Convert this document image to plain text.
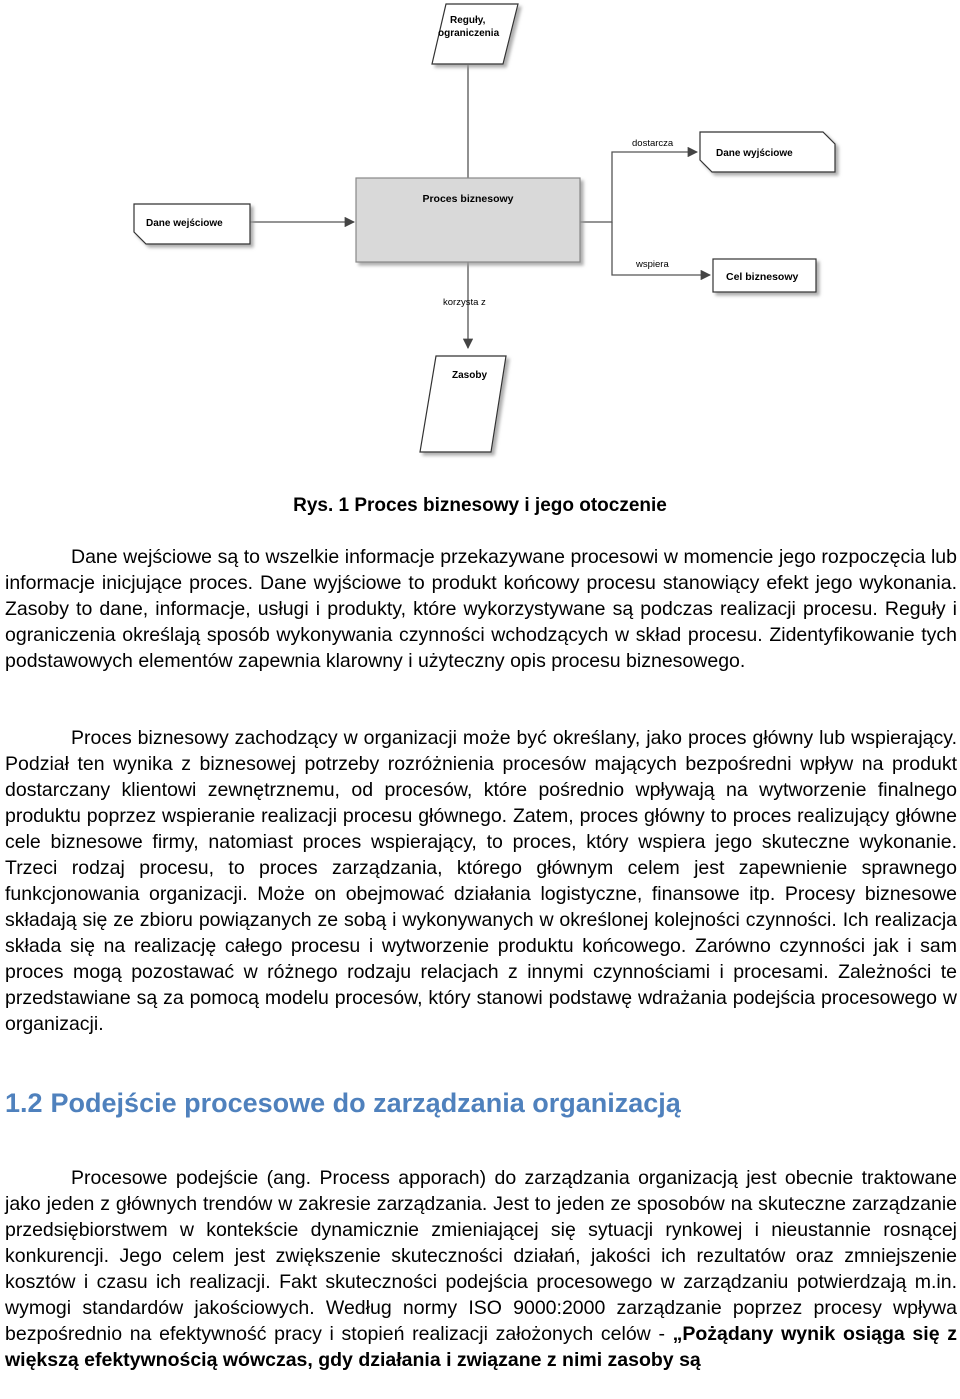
Reguły,
ograniczenia
Proces biznesowy
Dane wejściowe
Dane wyjściowe
Cel biznesowy
Zasoby
dostarcza
wspiera
korzysta z
Rys. 1 Proces biznesowy i jego otoczenie

Dane wejściowe są to wszelkie informacje przekazywane procesowi w momencie jego rozpoczęcia lub informacje inicjujące proces. Dane wyjściowe to produkt końcowy procesu stanowiący efekt jego wykonania. Zasoby to dane, informacje, usługi i produkty, które wykorzystywane są podczas realizacji procesu. Reguły i ograniczenia określają sposób wykonywania czynności wchodzących w skład procesu. Zidentyfikowanie tych podstawowych elementów zapewnia klarowny i użyteczny opis procesu biznesowego.

Proces biznesowy zachodzący w organizacji może być określany, jako proces główny lub wspierający. Podział ten wynika z biznesowej potrzeby rozróżnienia procesów mających bezpośredni wpływ na produkt dostarczany klientowi zewnętrznemu, od procesów, które pośrednio wpływają na wytworzenie finalnego produktu poprzez wspieranie realizacji procesu głównego. Zatem, proces główny to proces realizujący główne cele biznesowe firmy, natomiast proces wspierający, to proces, który wspiera jego skuteczne wykonanie. Trzeci rodzaj procesu, to proces zarządzania, którego głównym celem jest zapewnienie sprawnego funkcjonowania organizacji. Może on obejmować działania logistyczne, finansowe itp. Procesy biznesowe składają się ze zbioru powiązanych ze sobą i wykonywanych w określonej kolejności czynności. Ich realizacja składa się na realizację całego procesu i wytworzenie produktu końcowego. Zarówno czynności jak i sam proces mogą pozostawać w różnego rodzaju relacjach z innymi czynnościami i procesami. Zależności te przedstawiane są za pomocą modelu procesów, który stanowi podstawę wdrażania podejścia procesowego w organizacji.

1.2 Podejście procesowe do zarządzania organizacją

Procesowe podejście (ang. Process apporach) do zarządzania organizacją jest obecnie traktowane jako jeden z głównych trendów w zakresie zarządzania. Jest to jeden ze sposobów na skuteczne zarządzanie przedsiębiorstwem w kontekście dynamicznie zmieniającej się sytuacji rynkowej i nieustannie rosnącej konkurencji. Jego celem jest zwiększenie skuteczności działań, jakości ich rezultatów oraz zmniejszenie kosztów i czasu ich realizacji. Fakt skuteczności podejścia procesowego w zarządzaniu potwierdzają m.in. wymogi standardów jakościowych. Według normy ISO 9000:2000 zarządzanie poprzez procesy wpływa bezpośrednio na efektywność pracy i stopień realizacji założonych celów - „Pożądany wynik osiąga się z większą efektywnością wówczas, gdy działania i związane z nimi zasoby są
